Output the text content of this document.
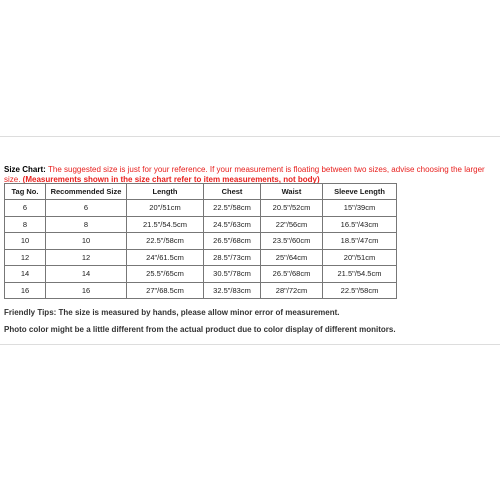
Size Chart: The suggested size is just for your reference. If your measurement is floating between two sizes, advise choosing the larger size. (Measurements shown in the size chart refer to item measurements, not body)
Tag No.	Recommended Size	Length	Chest	Waist	Sleeve Length
6	6	20"/51cm	22.5"/58cm	20.5"/52cm	15"/39cm
8	8	21.5"/54.5cm	24.5"/63cm	22"/56cm	16.5"/43cm
10	10	22.5"/58cm	26.5"/68cm	23.5"/60cm	18.5"/47cm
12	12	24"/61.5cm	28.5"/73cm	25"/64cm	20"/51cm
14	14	25.5"/65cm	30.5"/78cm	26.5"/68cm	21.5"/54.5cm
16	16	27"/68.5cm	32.5"/83cm	28"/72cm	22.5"/58cm
Friendly Tips: The size is measured by hands, please allow minor error of measurement.
Photo color might be a little different from the actual product due to color display of different monitors.
